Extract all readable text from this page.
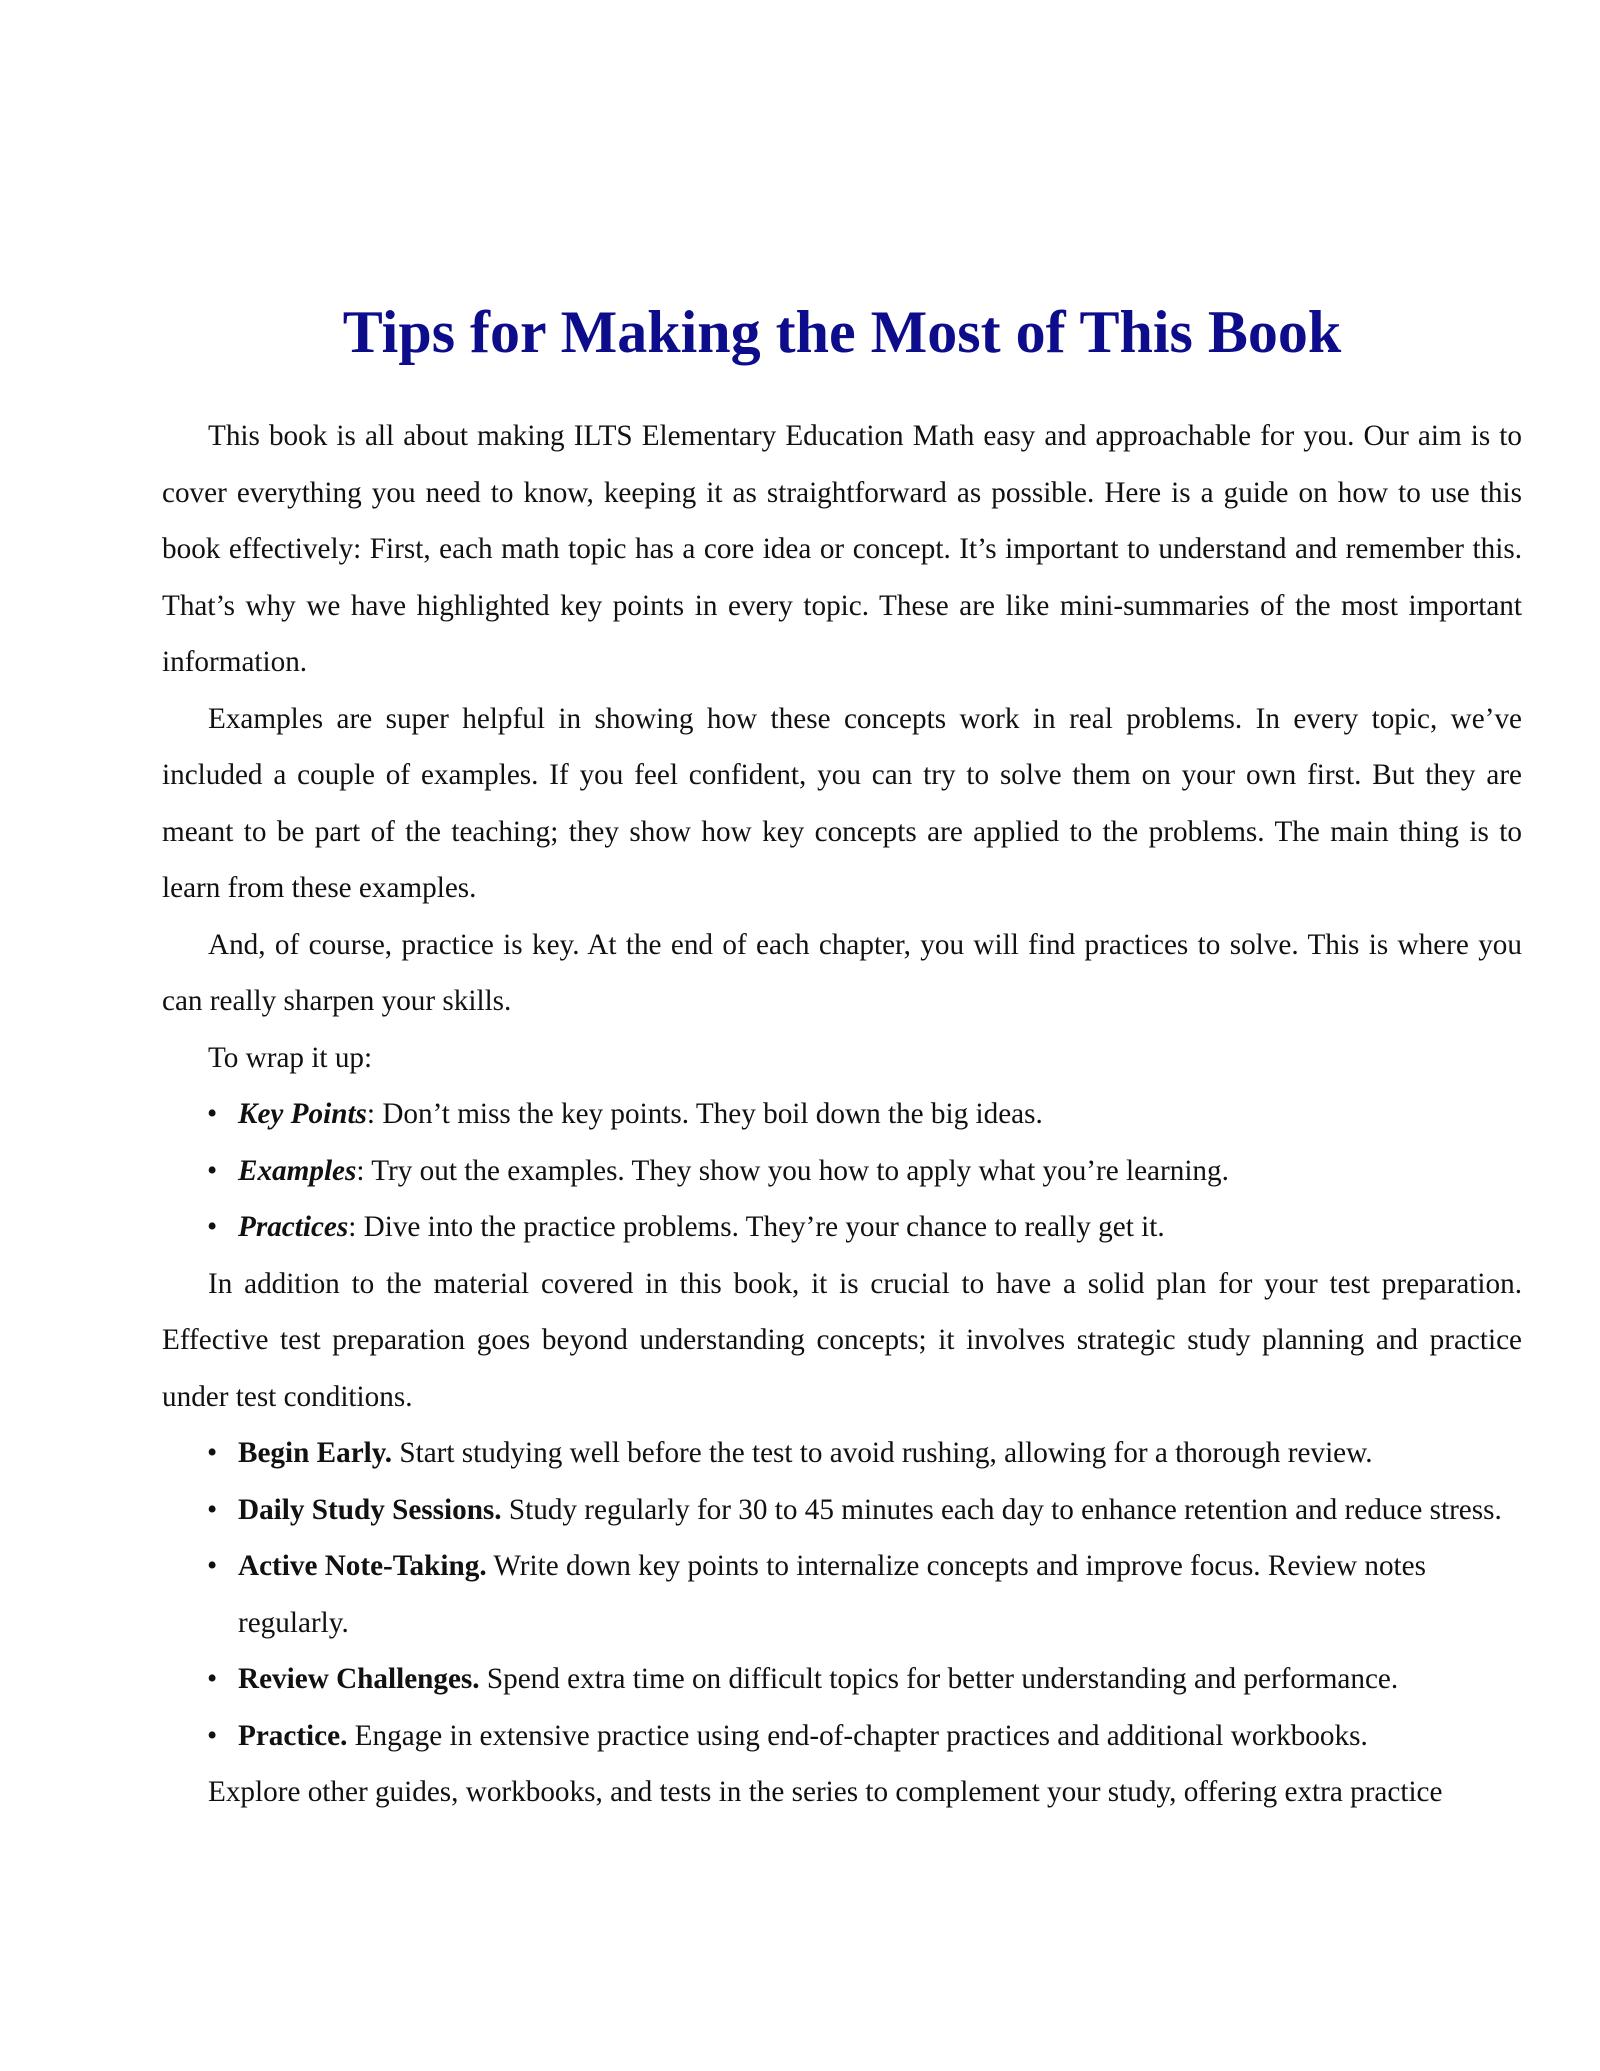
Tips for Making the Most of This Book

This book is all about making ILTS Elementary Education Math easy and approachable for you. Our aim is to cover everything you need to know, keeping it as straightforward as possible. Here is a guide on how to use this book effectively: First, each math topic has a core idea or concept. It’s important to understand and remember this. That’s why we have highlighted key points in every topic. These are like mini-summaries of the most important information.

Examples are super helpful in showing how these concepts work in real problems. In every topic, we’ve included a couple of examples. If you feel confident, you can try to solve them on your own first. But they are meant to be part of the teaching; they show how key concepts are applied to the problems. The main thing is to learn from these examples.

And, of course, practice is key. At the end of each chapter, you will find practices to solve. This is where you can really sharpen your skills.

To wrap it up:

• Key Points: Don’t miss the key points. They boil down the big ideas.
• Examples: Try out the examples. They show you how to apply what you’re learning.
• Practices: Dive into the practice problems. They’re your chance to really get it.

In addition to the material covered in this book, it is crucial to have a solid plan for your test preparation. Effective test preparation goes beyond understanding concepts; it involves strategic study planning and practice under test conditions.

• Begin Early. Start studying well before the test to avoid rushing, allowing for a thorough review.
• Daily Study Sessions. Study regularly for 30 to 45 minutes each day to enhance retention and reduce stress.
• Active Note-Taking. Write down key points to internalize concepts and improve focus. Review notes regularly.
• Review Challenges. Spend extra time on difficult topics for better understanding and performance.
• Practice. Engage in extensive practice using end-of-chapter practices and additional workbooks.

Explore other guides, workbooks, and tests in the series to complement your study, offering extra practice
